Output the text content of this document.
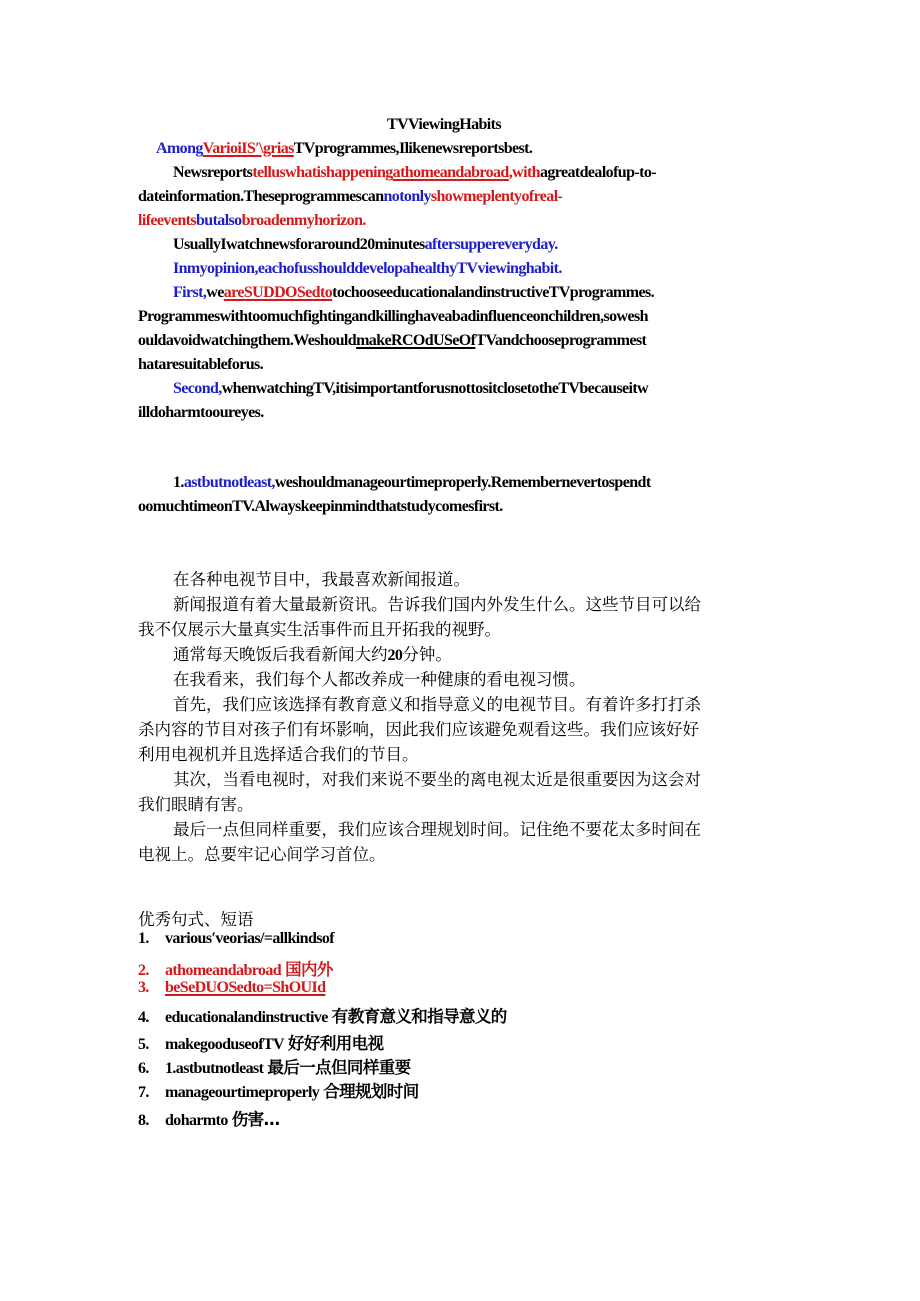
TVViewingHabits
AmongVarioiIS′\griasTVprogrammes,Ilikenewsreportsbest.
Newsreportstelluswhatishappeningathomeandabroad,withagreatdealofup-to-
dateinformation.Theseprogrammescannotonlyshowmeplentyofreal-
lifeeventsbutalsobroadenmyhorizon.
UsuallyIwatchnewsforaround20minutesaftersuppereveryday.
Inmyopinion,eachofusshoulddevelopahealthyTVviewinghabit.
First,weareSUDDOSedtotochooseeducationalandinstructiveTVprogrammes.
Programmeswithtoomuchfightingandkillinghaveabadinfluenceonchildren,sowesh
ouldavoidwatchingthem.WeshouldmakeRCOdUSeOfTVandchooseprogrammest
hataresuitableforus.
Second,whenwatchingTV,itisimportantforusnottositclosetotheTVbecauseitw
illdoharmtooureyes.
1.astbutnotleast,weshouldmanageourtimeproperly.Remembernevertospendt
oomuchtimeonTV.Alwayskeepinmindthatstudycomesfirst.
在各种电视节目中，我最喜欢新闻报道。
新闻报道有着大量最新资讯。告诉我们国内外发生什么。这些节目可以给
我不仅展示大量真实生活事件而且开拓我的视野。
通常每天晚饭后我看新闻大约20分钟。
在我看来，我们每个人都改养成一种健康的看电视习惯。
首先，我们应该选择有教育意义和指导意义的电视节目。有着许多打打杀
杀内容的节目对孩子们有坏影响，因此我们应该避免观看这些。我们应该好好
利用电视机并且选择适合我们的节目。
其次，当看电视时，对我们来说不要坐的离电视太近是很重要因为这会对
我们眼睛有害。
最后一点但同样重要，我们应该合理规划时间。记住绝不要花太多时间在
电视上。总要牢记心间学习首位。
优秀句式、短语
1. various′veorias/=allkindsof
2. athomeandabroad 国内外
3. beSeDUOSedto=ShOUId
4. educationalandinstructive 有教育意义和指导意义的
5. makegooduseofTV 好好利用电视
6. 1.astbutnotleast 最后一点但同样重要
7. manageourtimeproperly 合理规划时间
8. doharmto 伤害…
